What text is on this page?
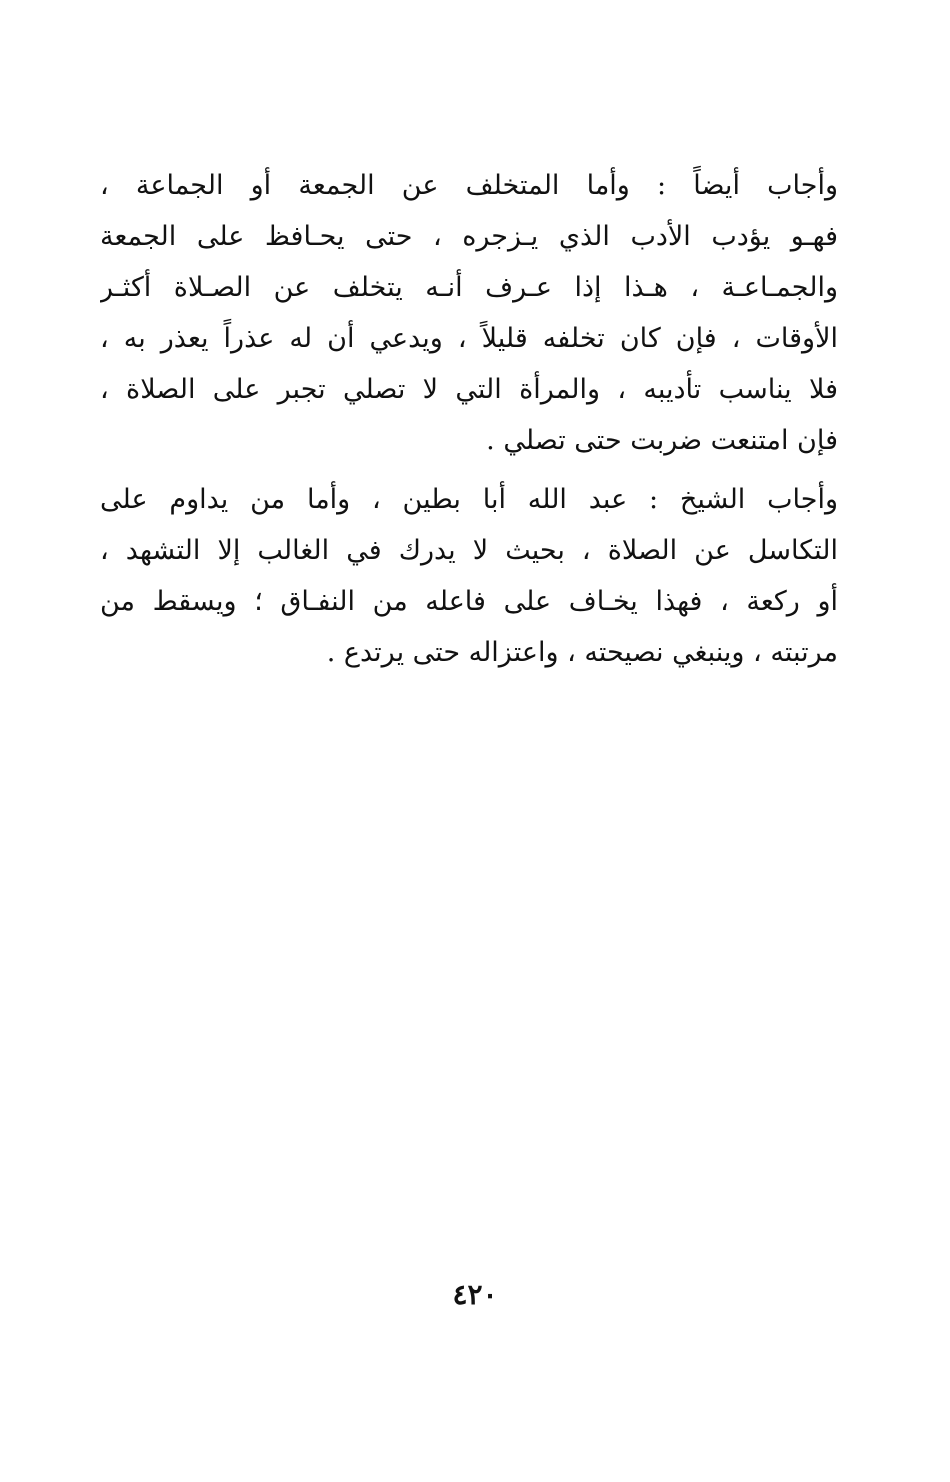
وأجاب أيضاً : وأما المتخلف عن الجمعة أو الجماعة ،
فهـو يؤدب الأدب الذي يـزجره ، حتى يحـافظ على الجمعة
والجمـاعـة ، هـذا إذا عـرف أنـه يتخلف عن الصـلاة أكثـر
الأوقات ، فإن كان تخلفه قليلاً ، ويدعي أن له عذراً يعذر به ،
فلا يناسب تأديبه ، والمرأة التي لا تصلي تجبر على الصلاة ،
فإن امتنعت ضربت حتى تصلي .
وأجاب الشيخ : عبد الله أبا بطين ، وأما من يداوم على
التكاسل عن الصلاة ، بحيث لا يدرك في الغالب إلا التشهد ،
أو ركعة ، فهذا يخـاف على فاعله من النفـاق ؛ ويسقط من
مرتبته ، وينبغي نصيحته ، واعتزاله حتى يرتدع .
٤٢٠
